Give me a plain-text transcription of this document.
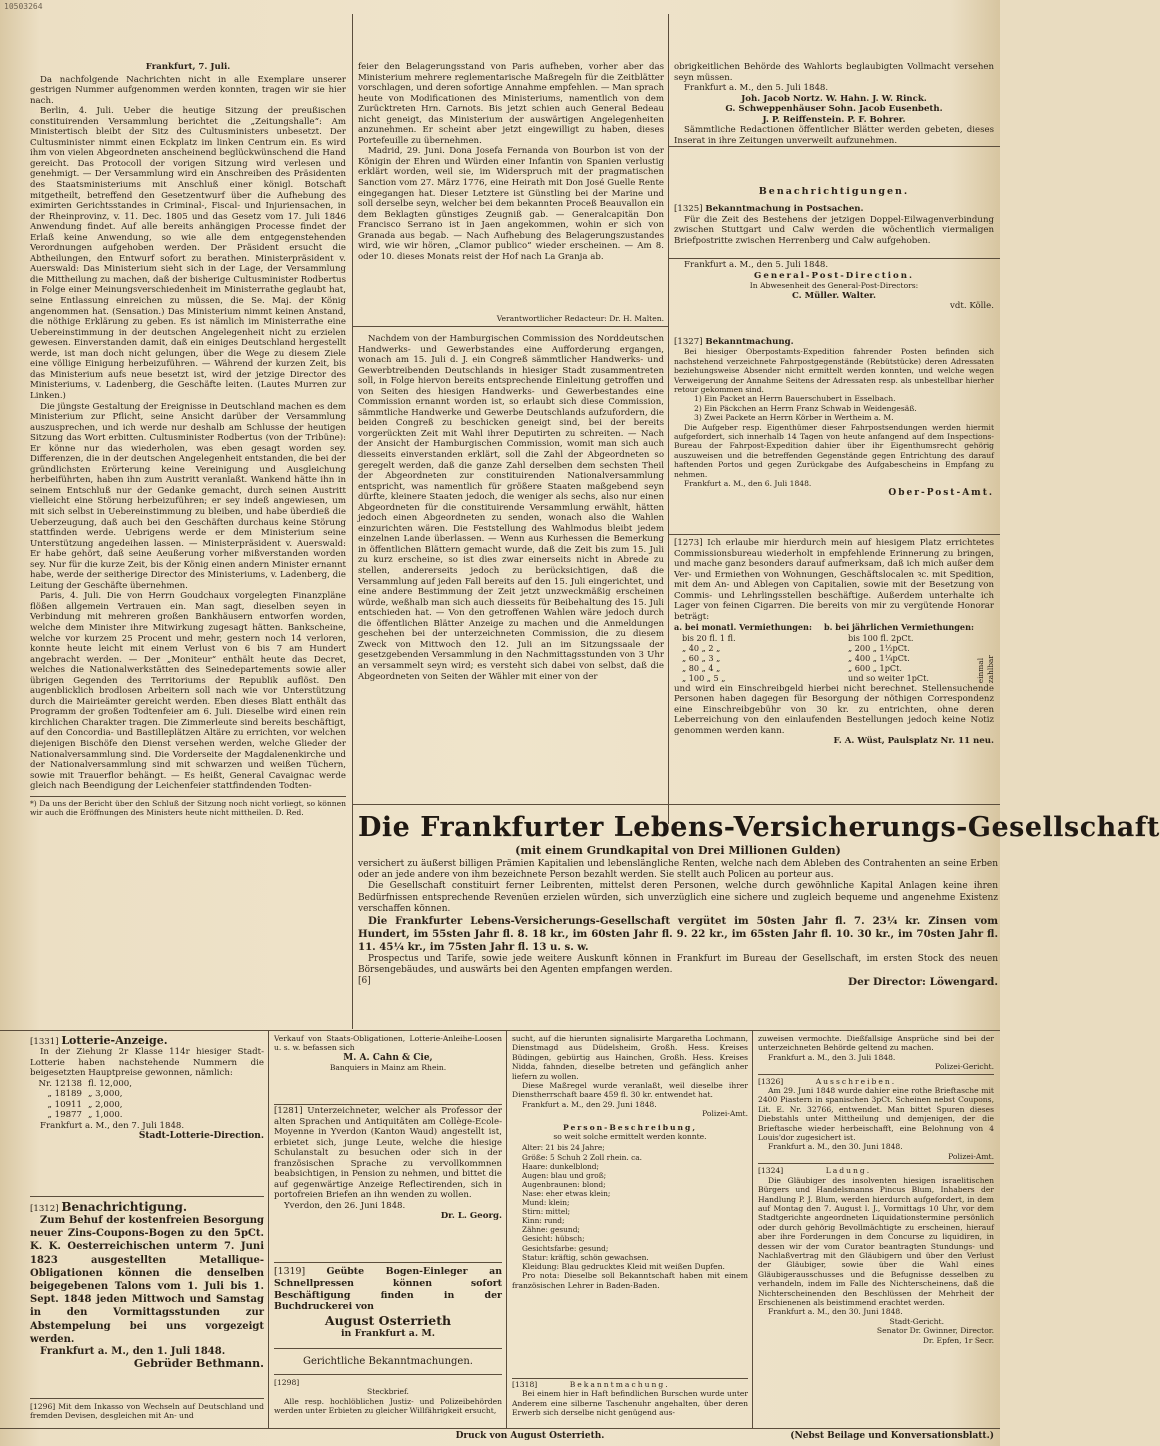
10503264
Frankfurt, 7. Juli.

Da nachfolgende Nachrichten nicht in alle Exemplare unserer gestrigen Nummer aufgenommen werden konnten, tragen wir sie hier nach.

Berlin, 4. Juli. Ueber die heutige Sitzung der preußischen constituirenden Versammlung berichtet die „Zeitungshalle“: Am Ministertisch bleibt der Sitz des Cultusministers unbesetzt. Der Cultusminister nimmt einen Eckplatz im linken Centrum ein. Es wird ihm von vielen Abgeordneten anscheinend beglückwünschend die Hand gereicht. Das Protocoll der vorigen Sitzung wird verlesen und genehmigt. — Der Versammlung wird ein Anschreiben des Präsidenten des Staatsministeriums mit Anschluß einer königl. Botschaft mitgetheilt, betreffend den Gesetzentwurf über die Aufhebung des eximirten Gerichtsstandes in Criminal-, Fiscal- und Injuriensachen, in der Rheinprovinz, v. 11. Dec. 1805 und das Gesetz vom 17. Juli 1846 Anwendung findet. Auf alle bereits anhängigen Processe findet der Erlaß keine Anwendung, so wie alle dem entgegenstehenden Verordnungen aufgehoben werden. Der Präsident ersucht die Abtheilungen, den Entwurf sofort zu berathen. Ministerpräsident v. Auerswald: Das Ministerium sieht sich in der Lage, der Versammlung die Mittheilung zu machen, daß der bisherige Cultusminister Rodbertus in Folge einer Meinungsverschiedenheit im Ministerrathe geglaubt hat, seine Entlassung einreichen zu müssen, die Se. Maj. der König angenommen hat. (Sensation.) Das Ministerium nimmt keinen Anstand, die nöthige Erklärung zu geben. Es ist nämlich im Ministerrathe eine Uebereinstimmung in der deutschen Angelegenheit nicht zu erzielen gewesen. Einverstanden damit, daß ein einiges Deutschland hergestellt werde, ist man doch nicht gelungen, über die Wege zu diesem Ziele eine völlige Einigung herbeizuführen. — Während der kurzen Zeit, bis das Ministerium aufs neue besetzt ist, wird der jetzige Director des Ministeriums, v. Ladenberg, die Geschäfte leiten. (Lautes Murren zur Linken.)

Die jüngste Gestaltung der Ereignisse in Deutschland machen es dem Ministerium zur Pflicht, seine Ansicht darüber der Versammlung auszusprechen, und ich werde nur deshalb am Schlusse der heutigen Sitzung das Wort erbitten. Cultusminister Rodbertus (von der Tribüne): Er könne nur das wiederholen, was eben gesagt worden sey. Differenzen, die in der deutschen Angelegenheit entstanden, die bei der gründlichsten Erörterung keine Vereinigung und Ausgleichung herbeiführten, haben ihn zum Austritt veranlaßt. Wankend hätte ihn in seinem Entschluß nur der Gedanke gemacht, durch seinen Austritt vielleicht eine Störung herbeizuführen; er sey indeß angewiesen, um mit sich selbst in Uebereinstimmung zu bleiben, und habe überdieß die Ueberzeugung, daß auch bei den Geschäften durchaus keine Störung stattfinden werde. Uebrigens werde er dem Ministerium seine Unterstützung angedeihen lassen. — Ministerpräsident v. Auerswald: Er habe gehört, daß seine Aeußerung vorher mißverstanden worden sey. Nur für die kurze Zeit, bis der König einen andern Minister ernannt habe, werde der seitherige Director des Ministeriums, v. Ladenberg, die Leitung der Geschäfte übernehmen.

Paris, 4. Juli. Die von Herrn Goudchaux vorgelegten Finanzpläne flößen allgemein Vertrauen ein. Man sagt, dieselben seyen in Verbindung mit mehreren großen Bankhäusern entworfen worden, welche dem Minister ihre Mitwirkung zugesagt hätten. Bankscheine, welche vor kurzem 25 Procent und mehr, gestern noch 14 verloren, konnte heute leicht mit einem Verlust von 6 bis 7 am Hundert angebracht werden. — Der „Moniteur“ enthält heute das Decret, welches die Nationalwerkstätten des Seinedepartements sowie aller übrigen Gegenden des Territoriums der Republik auflöst. Den augenblicklich brodlosen Arbeitern soll nach wie vor Unterstützung durch die Mairieämter gereicht werden. Eben dieses Blatt enthält das Programm der großen Todtenfeier am 6. Juli. Dieselbe wird einen rein kirchlichen Charakter tragen. Die Zimmerleute sind bereits beschäftigt, auf den Concordia- und Bastilleplätzen Altäre zu errichten, vor welchen diejenigen Bischöfe den Dienst versehen werden, welche Glieder der Nationalversammlung sind. Die Vorderseite der Magdalenenkirche und der Nationalversammlung sind mit schwarzen und weißen Tüchern, sowie mit Trauerflor behängt. — Es heißt, General Cavaignac werde gleich nach Beendigung der Leichenfeier stattfindenden Todten-

*) Da uns der Bericht über den Schluß der Sitzung noch nicht vorliegt, so können wir auch die Eröffnungen des Ministers heute nicht mittheilen. D. Red.

feier den Belagerungsstand von Paris aufheben, vorher aber das Ministerium mehrere reglementarische Maßregeln für die Zeitblätter vorschlagen, und deren sofortige Annahme empfehlen. — Man sprach heute von Modificationen des Ministeriums, namentlich von dem Zurücktreten Hrn. Carnots. Bis jetzt schien auch General Bedeau nicht geneigt, das Ministerium der auswärtigen Angelegenheiten anzunehmen. Er scheint aber jetzt eingewilligt zu haben, dieses Portefeuille zu übernehmen.

Madrid, 29. Juni. Dona Josefa Fernanda von Bourbon ist von der Königin der Ehren und Würden einer Infantin von Spanien verlustig erklärt worden, weil sie, im Widerspruch mit der pragmatischen Sanction vom 27. März 1776, eine Heirath mit Don José Guelle Rente eingegangen hat. Dieser Letztere ist Günstling bei der Marine und soll derselbe seyn, welcher bei dem bekannten Proceß Beauvallon ein dem Beklagten günstiges Zeugniß gab. — Generalcapitän Don Francisco Serrano ist in Jaen angekommen, wohin er sich von Granada aus begab. — Nach Aufhebung des Belagerungszustandes wird, wie wir hören, „Clamor publico“ wieder erscheinen. — Am 8. oder 10. dieses Monats reist der Hof nach La Granja ab.

Verantwortlicher Redacteur: Dr. H. Malten.

Nachdem von der Hamburgischen Commission des Norddeutschen Handwerks- und Gewerbstandes eine Aufforderung ergangen, wonach am 15. Juli d. J. ein Congreß sämmtlicher Handwerks- und Gewerbtreibenden Deutschlands in hiesiger Stadt zusammentreten soll, in Folge hiervon bereits entsprechende Einleitung getroffen und von Seiten des hiesigen Handwerks- und Gewerbestandes eine Commission ernannt worden ist, so erlaubt sich diese Commission, sämmtliche Handwerke und Gewerbe Deutschlands aufzufordern, die beiden Congreß zu beschicken geneigt sind, bei der bereits vorgerückten Zeit mit Wahl ihrer Deputirten zu schreiten. — Nach der Ansicht der Hamburgischen Commission, womit man sich auch diesseits einverstanden erklärt, soll die Zahl der Abgeordneten so geregelt werden, daß die ganze Zahl derselben dem sechsten Theil der Abgeordneten zur constituirenden Nationalversammlung entspricht, was namentlich für größere Staaten maßgebend seyn dürfte, kleinere Staaten jedoch, die weniger als sechs, also nur einen Abgeordneten für die constituirende Versammlung erwählt, hätten jedoch einen Abgeordneten zu senden, wonach also die Wahlen einzurichten wären. Die Feststellung des Wahlmodus bleibt jedem einzelnen Lande überlassen. — Wenn aus Kurhessen die Bemerkung in öffentlichen Blättern gemacht wurde, daß die Zeit bis zum 15. Juli zu kurz erscheine, so ist dies zwar einerseits nicht in Abrede zu stellen, andererseits jedoch zu berücksichtigen, daß die Versammlung auf jeden Fall bereits auf den 15. Juli eingerichtet, und eine andere Bestimmung der Zeit jetzt unzweckmäßig erscheinen würde, weßhalb man sich auch diesseits für Beibehaltung des 15. Juli entschieden hat. — Von den getroffenen Wahlen wäre jedoch durch die öffentlichen Blätter Anzeige zu machen und die Anmeldungen geschehen bei der unterzeichneten Commission, die zu diesem Zweck von Mittwoch den 12. Juli an im Sitzungssaale der gesetzgebenden Versammlung in den Nachmittagsstunden von 3 Uhr an versammelt seyn wird; es versteht sich dabei von selbst, daß die Abgeordneten von Seiten der Wähler mit einer von der

obrigkeitlichen Behörde des Wahlorts beglaubigten Vollmacht versehen seyn müssen.
Frankfurt a. M., den 5. Juli 1848.
Joh. Jacob Nortz. W. Hahn. J. W. Rinck.
G. Schweppenhäuser Sohn. Jacob Eusenbeth.
J. P. Reiffenstein. P. F. Bohrer.
Sämmtliche Redactionen öffentlicher Blätter werden gebeten, dieses Inserat in ihre Zeitungen unverweilt aufzunehmen.
Benachrichtigungen.
[1325] Bekanntmachung in Postsachen.
Für die Zeit des Bestehens der jetzigen Doppel-Eilwagenverbindung zwischen Stuttgart und Calw werden die wöchentlich viermaligen Briefpostritte zwischen Herrenberg und Calw aufgehoben.
Frankfurt a. M., den 5. Juli 1848.
General-Post-Direction.
In Abwesenheit des General-Post-Directors:
C. Müller. Walter.
vdt. Kölle.
[1327] Bekanntmachung.
Bei hiesiger Oberpostamts-Expedition fahrender Posten befinden sich nachstehend verzeichnete Fahrpostgegenstände (Rebütstücke) deren Adressaten beziehungsweise Absender nicht ermittelt werden konnten, und welche wegen Verweigerung der Annahme Seitens der Adressaten resp. als unbestellbar hierher retour gekommen sind.
1) Ein Packet an Herrn Bauerschubert in Esselbach.
2) Ein Päckchen an Herrn Franz Schwab in Weidengesäß.
3) Zwei Packete an Herrn Körber in Wertheim a. M.
Die Aufgeber resp. Eigenthümer dieser Fahrpostsendungen werden hiermit aufgefordert, sich innerhalb 14 Tagen von heute anfangend auf dem Inspections-Bureau der Fahrpost-Expedition dahier über ihr Eigenthumsrecht gehörig auszuweisen und die betreffenden Gegenstände gegen Entrichtung des darauf haftenden Portos und gegen Zurückgabe des Aufgabescheins in Empfang zu nehmen.
Frankfurt a. M., den 6. Juli 1848.
Ober-Post-Amt.
[1273] Ich erlaube mir hierdurch mein auf hiesigem Platz errichtetes Commissionsbureau wiederholt in empfehlende Erinnerung zu bringen, und mache ganz besonders darauf aufmerksam, daß ich mich außer dem Ver- und Ermiethen von Wohnungen, Geschäftslocalen ꝛc. mit Spedition, mit dem An- und Ablegen von Capitalien, sowie mit der Besetzung von Commis- und Lehrlingsstellen beschäftige. Außerdem unterhalte ich Lager von feinen Cigarren. Die bereits von mir zu vergütende Honorar beträgt:
a. bei monatl. Vermiethungen:	b. bei jährlichen Vermiethungen:
bis 20 fl. 1 fl.	bis 100 fl. 2pCt.
„ 40 „ 2 „	„ 200 „ 1½pCt.
„ 60 „ 3 „	„ 400 „ 1¼pCt.
„ 80 „ 4 „	„ 600 „ 1pCt.
„ 100 „ 5 „	und so weiter 1pCt.	einmal zahlbar
und wird ein Einschreibgeld hierbei nicht berechnet. Stellensuchende Personen haben dagegen für Besorgung der nöthigen Correspondenz eine Einschreibgebühr von 30 kr. zu entrichten, ohne deren Leberreichung von den einlaufenden Bestellungen jedoch keine Notiz genommen werden kann.
F. A. Wüst, Paulsplatz Nr. 11 neu.
Die Frankfurter Lebens-Versicherungs-Gesellschaft
(mit einem Grundkapital von Drei Millionen Gulden)
versichert zu äußerst billigen Prämien Kapitalien und lebenslängliche Renten, welche nach dem Ableben des Contrahenten an seine Erben oder an jede andere von ihm bezeichnete Person bezahlt werden. Sie stellt auch Policen au porteur aus.
Die Gesellschaft constituirt ferner Leibrenten, mittelst deren Personen, welche durch gewöhnliche Kapital Anlagen keine ihren Bedürfnissen entsprechende Revenüen erzielen würden, sich unverzüglich eine sichere und zugleich bequeme und angenehme Existenz verschaffen können.
Die Frankfurter Lebens-Versicherungs-Gesellschaft vergütet im 50sten Jahr fl. 7. 23¼ kr. Zinsen vom Hundert, im 55sten Jahr fl. 8. 18 kr., im 60sten Jahr fl. 9. 22 kr., im 65sten Jahr fl. 10. 30 kr., im 70sten Jahr fl. 11. 45¼ kr., im 75sten Jahr fl. 13 u. s. w.
Prospectus und Tarife, sowie jede weitere Auskunft können in Frankfurt im Bureau der Gesellschaft, im ersten Stock des neuen Börsengebäudes, und auswärts bei den Agenten empfangen werden.
[6]	Der Director: Löwengard.
[1331] Lotterie-Anzeige.
In der Ziehung 2r Klasse 114r hiesiger Stadt-Lotterie haben nachstehende Nummern die beigesetzten Hauptpreise gewonnen, nämlich:
Nr. 12138 fl. 12,000,
„ 18189 „ 3,000,
„ 10911 „ 2,000,
„ 19877 „ 1,000.
Frankfurt a. M., den 7. Juli 1848.
Stadt-Lotterie-Direction.
[1312] Benachrichtigung.
Zum Behuf der kostenfreien Besorgung neuer Zins-Coupons-Bogen zu den 5pCt. K. K. Oesterreichischen unterm 7. Juni 1823 ausgestellten Metallique-Obligationen können die denselben beigegebenen Talons vom 1. Juli bis 1. Sept. 1848 jeden Mittwoch und Samstag in den Vormittagsstunden zur Abstempelung bei uns vorgezeigt werden.
Frankfurt a. M., den 1. Juli 1848.
Gebrüder Bethmann.
[1296] Mit dem Inkasso von Wechseln auf Deutschland und fremden Devisen, desgleichen mit An- und
Verkauf von Staats-Obligationen, Lotterie-Anleihe-Loosen u. s. w. befassen sich
M. A. Cahn & Cie,
Banquiers in Mainz am Rhein.
[1281] Unterzeichneter, welcher als Professor der alten Sprachen und Antiquitäten am Collège-Ecole-Moyenne in Yverdon (Kanton Waud) angestellt ist, erbietet sich, junge Leute, welche die hiesige Schulanstalt zu besuchen oder sich in der französischen Sprache zu vervollkommnen beabsichtigen, in Pension zu nehmen, und bittet die auf gegenwärtige Anzeige Reflectirenden, sich in portofreien Briefen an ihn wenden zu wollen.
Yverdon, den 26. Juni 1848.
Dr. L. Georg.
[1319] Geübte Bogen-Einleger an Schnellpressen können sofort Beschäftigung finden in der Buchdruckerei von
August Osterrieth
in Frankfurt a. M.
Gerichtliche Bekanntmachungen.
[1298]
Steckbrief.
Alle resp. hochlöblichen Justiz- und Polizeibehörden werden unter Erbieten zu gleicher Willfährigkeit ersucht,
sucht, auf die hierunten signalisirte Margaretha Lochmann, Dienstmagd aus Düdelsheim, Großh. Hess. Kreises Büdingen, gebürtig aus Hainchen, Großh. Hess. Kreises Nidda, fahnden, dieselbe betreten und gefänglich anher liefern zu wollen.
Diese Maßregel wurde veranlaßt, weil dieselbe ihrer Dienstherrschaft baare 459 fl. 30 kr. entwendet hat.
Frankfurt a. M., den 29. Juni 1848.
Polizei-Amt.
Person-Beschreibung,
so weit solche ermittelt werden konnte.
Alter: 21 bis 24 Jahre;
Größe: 5 Schuh 2 Zoll rhein. ca.
Haare: dunkelblond;
Augen: blau und groß;
Augenbraunen: blond;
Nase: eher etwas klein;
Mund: klein;
Stirn: mittel;
Kinn: rund;
Zähne: gesund;
Gesicht: hübsch;
Gesichtsfarbe: gesund;
Statur: kräftig, schön gewachsen.
Kleidung: Blau gedrucktes Kleid mit weißen Dupfen.
Pro nota: Dieselbe soll Bekanntschaft haben mit einem französischen Lehrer in Baden-Baden.
[1318]	Bekanntmachung.
Bei einem hier in Haft befindlichen Burschen wurde unter Anderem eine silberne Taschenuhr angehalten, über deren Erwerb sich derselbe nicht genügend aus-
zuweisen vermochte. Dießfallsige Ansprüche sind bei der unterzeichneten Behörde geltend zu machen.
Frankfurt a. M., den 3. Juli 1848.
Polizei-Gericht.
[1326]	Ausschreiben.
Am 29. Juni 1848 wurde dahier eine rothe Brieftasche mit 2400 Piastern in spanischen 3pCt. Scheinen nebst Coupons, Lit. E. Nr. 32766, entwendet. Man bittet Spuren dieses Diebstahls unter Mittheilung und demjenigen, der die Brieftasche wieder herbeischafft, eine Belohnung von 4 Louis'dor zugesichert ist.
Frankfurt a. M., den 30. Juni 1848.
Polizei-Amt.
[1324]	Ladung.
Die Gläubiger des insolventen hiesigen israelitischen Bürgers und Handelsmanns Pincus Blum, Inhabers der Handlung P. J. Blum, werden hierdurch aufgefordert, in dem auf Montag den 7. August l. J., Vormittags 10 Uhr, vor dem Stadtgerichte angeordneten Liquidationstermine persönlich oder durch gehörig Bevollmächtigte zu erscheinen, hierauf aber ihre Forderungen in dem Concurse zu liquidiren, in dessen wir der vom Curator beantragten Stundungs- und Nachlaßvertrag mit den Gläubigern und über den Verlust der Gläubiger, sowie über die Wahl eines Gläubigerausschusses und die Befugnisse desselben zu verhandeln, indem im Falle des Nichterscheinens, daß die Nichterscheinenden den Beschlüssen der Mehrheit der Erschienenen als beistimmend erachtet werden.
Frankfurt a. M., den 30. Juni 1848.
Stadt-Gericht.
Senator Dr. Gwinner, Director.
Dr. Epfen, 1r Secr.
Druck von August Osterrieth.	(Nebst Beilage und Konversationsblatt.)
